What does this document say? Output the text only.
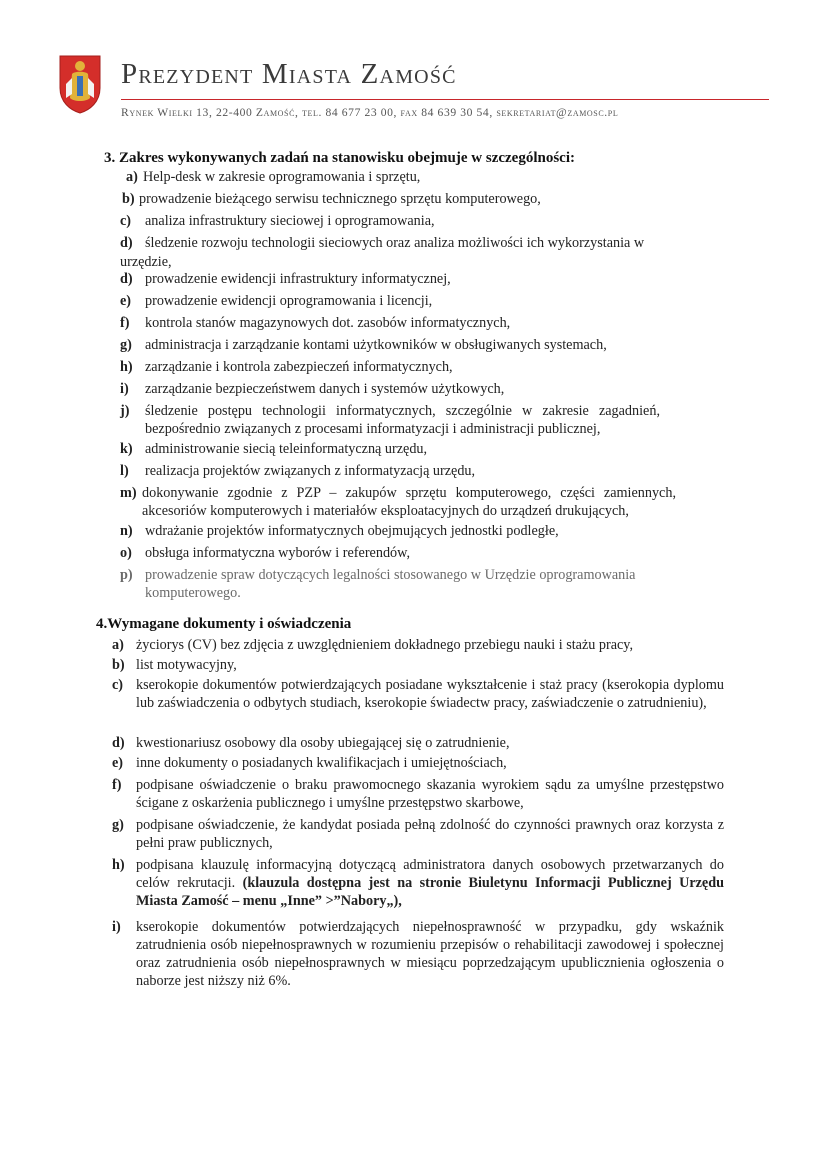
Prezydent Miasta Zamość
Rynek Wielki 13, 22-400 Zamość, tel. 84 677 23 00, fax 84 639 30 54, sekretariat@zamosc.pl
3. Zakres wykonywanych zadań na stanowisku obejmuje w szczególności:
a) Help-desk w zakresie oprogramowania i sprzętu,
b) prowadzenie bieżącego serwisu technicznego sprzętu komputerowego,
c) analiza infrastruktury sieciowej i oprogramowania,
d) śledzenie rozwoju technologii sieciowych oraz analiza możliwości ich wykorzystania w
urzędzie,
d) prowadzenie ewidencji infrastruktury informatycznej,
e) prowadzenie ewidencji oprogramowania i licencji,
f)	kontrola stanów magazynowych dot. zasobów informatycznych,
g) administracja i zarządzanie kontami użytkowników w obsługiwanych systemach,
h) zarządzanie i kontrola zabezpieczeń informatycznych,
i)	zarządzanie bezpieczeństwem danych i systemów użytkowych,
j)	śledzenie postępu technologii informatycznych, szczególnie w zakresie zagadnień, bezpośrednio związanych z procesami informatyzacji i administracji publicznej,
k) administrowanie siecią teleinformatyczną urzędu,
l)	realizacja projektów związanych z informatyzacją urzędu,
m) dokonywanie zgodnie z PZP – zakupów sprzętu komputerowego, części zamiennych, akcesoriów komputerowych i materiałów eksploatacyjnych do urządzeń drukujących,
n) wdrażanie projektów informatycznych obejmujących jednostki podległe,
o) obsługa informatyczna wyborów i referendów,
p) prowadzenie spraw dotyczących legalności stosowanego w Urzędzie oprogramowania komputerowego.
4.Wymagane dokumenty i oświadczenia
a) życiorys (CV) bez zdjęcia z uwzględnieniem dokładnego przebiegu nauki i stażu pracy,
b) list motywacyjny,
c) kserokopie dokumentów potwierdzających posiadane wykształcenie i staż pracy (kserokopia dyplomu lub zaświadczenia o odbytych studiach, kserokopie świadectw pracy, zaświadczenie o zatrudnieniu),
d) kwestionariusz osobowy dla osoby ubiegającej się o zatrudnienie,
e) inne dokumenty o posiadanych kwalifikacjach i umiejętnościach,
f)	podpisane oświadczenie o braku prawomocnego skazania wyrokiem sądu za umyślne przestępstwo ścigane z oskarżenia publicznego i umyślne przestępstwo skarbowe,
g) podpisane oświadczenie, że kandydat posiada pełną zdolność do czynności prawnych oraz korzysta z pełni praw publicznych,
h) podpisana klauzulę informacyjną dotyczącą administratora danych osobowych przetwarzanych do celów rekrutacji. (klauzula dostępna jest na stronie Biuletynu Informacji Publicznej Urzędu Miasta Zamość – menu „Inne” >”Nabory„),
i)	kserokopie dokumentów potwierdzających niepełnosprawność w przypadku, gdy wskaźnik zatrudnienia osób niepełnosprawnych w rozumieniu przepisów o rehabilitacji zawodowej i społecznej oraz zatrudnienia osób niepełnosprawnych w miesiącu poprzedzającym upublicznienia ogłoszenia o naborze jest niższy niż 6%.
